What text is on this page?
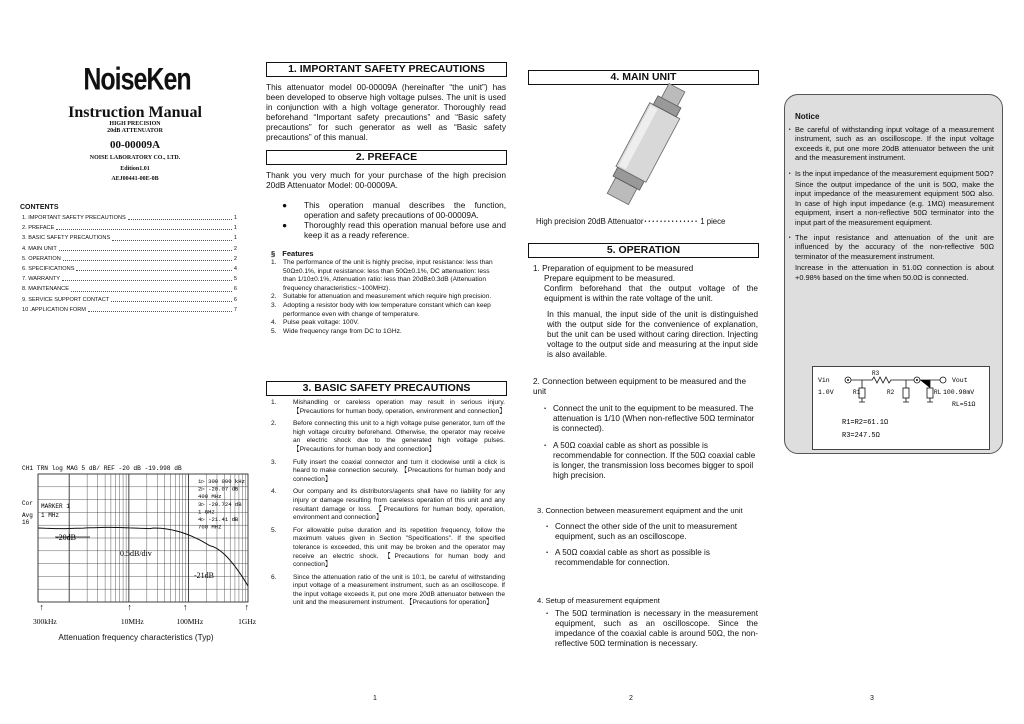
NoiseKen
Instruction Manual
HIGH PRECISION
20dB ATTENUATOR
00-00009A
NOISE LABORATORY CO., LTD.
Edition1.01
AEJ00441-00E-0B
CONTENTS
1. IMPORTANT SAFETY PRECAUTIONS	1
2. PREFACE	1
3. BASIC SAFETY PRECAUTIONS	1
4. MAIN UNIT	2
5. OPERATION	2
6. SPECIFICATIONS	4
7. WARRANTY	5
8. MAINTENANCE	6
9. SERVICE SUPPORT CONTACT	6
10 .APPLICATION FORM	7
CH1 TRN log MAG 5 dB/ REF -20 dB -19.998 dB
Cor
Avg
16
MARKER 1
1 MHz
1▷ 300 000 kHz
2▷ -20.07 dB
400 MHz
3▷ -20.724 dB
1 GHz
4▷ -21.41 dB
700 MHz
-20dB
0.5dB/div
-21dB
↑
300kHz
↑
10MHz
↑
100MHz
↑
1GHz
Attenuation frequency characteristics (Typ)
1
1. IMPORTANT SAFETY PRECAUTIONS
This attenuator model 00-00009A (hereinafter “the unit”) has been developed to observe high voltage pulses. The unit is used in conjunction with a high voltage generator. Thoroughly read beforehand “Important safety precautions” and “Basic safety precautions” for such generator as well as “Basic safety precautions” of this manual.
2. PREFACE
Thank you very much for your purchase of the high precision 20dB Attenuator Model: 00-00009A.
●	This operation manual describes the function, operation and safety precautions of 00-00009A.
●	Thoroughly read this operation manual before use and keep it as a ready reference.
§ Features
1. The performance of the unit is highly precise, input resistance: less than 50Ω±0.1%, input resistance: less than 50Ω±0.1%, DC attenuation: less than 1/10±0.1%, Attenuation ratio: less than 20dB±0.3dB (Attenuation frequency characteristics:~100MHz).
2. Suitable for attenuation and measurement which require high precision.
3. Adopting a resistor body with low temperature constant which can keep performance even with change of temperature.
4. Pulse peak voltage: 100V.
5. Wide frequency range from DC to 1GHz.
3. BASIC SAFETY PRECAUTIONS
1.	Mishandling or careless operation may result in serious injury. 【Precautions for human body, operation, environment and connection】
2.	Before connecting this unit to a high voltage pulse generator, turn off the high voltage circuitry beforehand. Otherwise, the operator may receive an electric shock due to the generated high voltage pulses. 【Precautions for human body and connection】
3.	Fully insert the coaxial connector and turn it clockwise until a click is heard to make connection securely. 【Precautions for human body and connection】
4.	Our company and its distributors/agents shall have no liability for any injury or damage resulting from careless operation of this unit and any resultant damage or loss. 【Precautions for human body, operation, environment and connection】
5.	For allowable pulse duration and its repetition frequency, follow the maximum values given in Section "Specifications". If the specified tolerance is exceeded, this unit may be broken and the operator may receive an electric shock. 【Precautions for human body and connection】
6.	Since the attenuation ratio of the unit is 10:1, be careful of withstanding input voltage of a measurement instrument, such as an oscilloscope. If the input voltage exceeds it, put one more 20dB attenuator between the unit and the measurement instrument. 【Precautions for operation】
2
4. MAIN UNIT
High precision 20dB Attenuator･･････････････ 1 piece
5. OPERATION
1. Preparation of equipment to be measured
Prepare equipment to be measured.
Confirm beforehand that the output voltage of the equipment is within the rate voltage of the unit.
In this manual, the input side of the unit is distinguished with the output side for the convenience of explanation, but the unit can be used without caring direction. Injecting voltage to the output side and measuring at the input side is also available.
2. Connection between equipment to be measured and the unit
・ Connect the unit to the equipment to be measured. The attenuation is 1/10 (When non-reflective 50Ω terminator is connected).
・ A 50Ω coaxial cable as short as possible is recommendable for connection. If the 50Ω coaxial cable is longer, the transmission loss becomes bigger to spoil high precision.
3. Connection between measurement equipment and the unit
・ Connect the other side of the unit to measurement equipment, such as an oscilloscope.
・ A 50Ω coaxial cable as short as possible is recommendable for connection.
4. Setup of measurement equipment
・ The 50Ω termination is necessary in the measurement equipment, such as an oscilloscope. Since the impedance of the coaxial cable is around 50Ω, the non-reflective 50Ω termination is necessary.
Notice
・ Be careful of withstanding input voltage of a measurement instrument, such as an oscilloscope. If the input voltage exceeds it, put one more 20dB attenuator between the unit and the measurement instrument.
・ Is the input impedance of the measurement equipment 50Ω?
Since the output impedance of the unit is 50Ω, make the input impedance of the measurement equipment 50Ω also. In case of high input impedance (e.g. 1MΩ) measurement equipment, insert a non-reflective 50Ω terminator into the input part of the measurement equipment.
・ The input resistance and attenuation of the unit are influenced by the accuracy of the non-reflective 50Ω terminator of the measurement instrument.
Increase in the attenuation in 51.0Ω connection is about +0.98% based on the time when 50.0Ω is connected.
Vin
1.0V
R3
R1	R2	RL
Vout
100.98mV
RL=51Ω
R1=R2=61.1Ω
R3=247.5Ω
3
